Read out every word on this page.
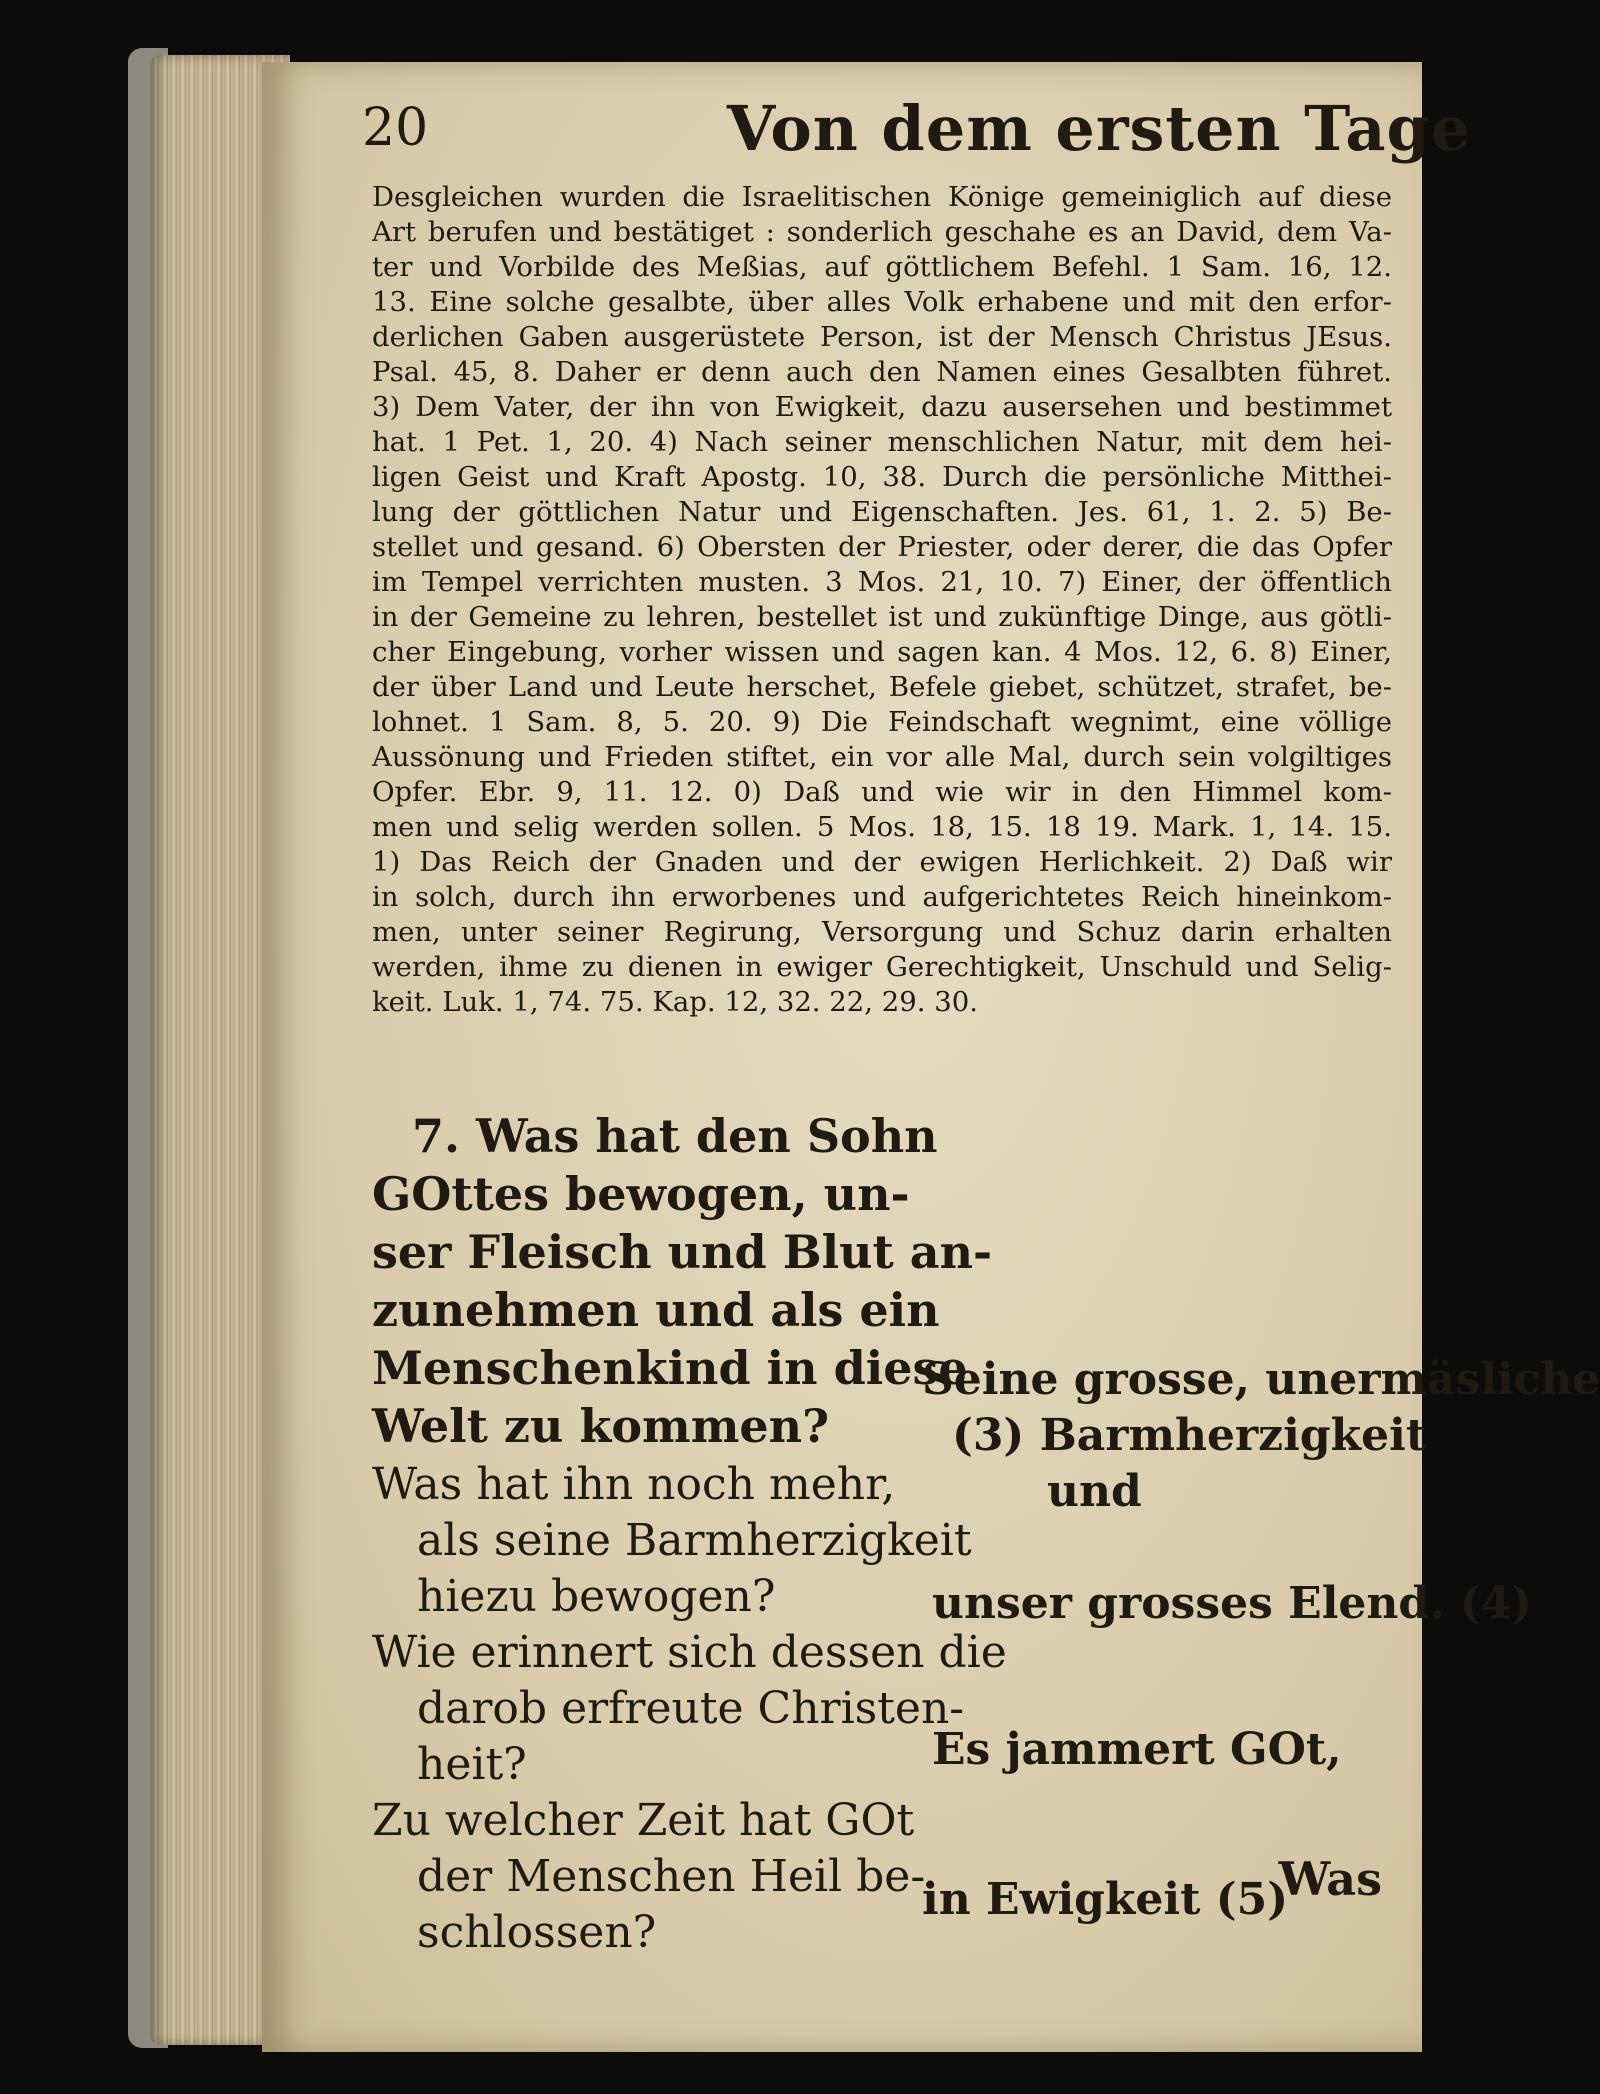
20	Von dem ersten Tage
Desgleichen wurden die Israelitischen Könige gemeiniglich auf diese
Art berufen und bestätiget : sonderlich geschahe es an David, dem Va-
ter und Vorbilde des Meßias, auf göttlichem Befehl. 1 Sam. 16, 12.
13. Eine solche gesalbte, über alles Volk erhabene und mit den erfor-
derlichen Gaben ausgerüstete Person, ist der Mensch Christus JEsus.
Psal. 45, 8. Daher er denn auch den Namen eines Gesalbten führet.
3) Dem Vater, der ihn von Ewigkeit, dazu ausersehen und bestimmet
hat. 1 Pet. 1, 20. 4) Nach seiner menschlichen Natur, mit dem hei-
ligen Geist und Kraft Apostg. 10, 38. Durch die persönliche Mitthei-
lung der göttlichen Natur und Eigenschaften. Jes. 61, 1. 2. 5) Be-
stellet und gesand. 6) Obersten der Priester, oder derer, die das Opfer
im Tempel verrichten musten. 3 Mos. 21, 10. 7) Einer, der öffentlich
in der Gemeine zu lehren, bestellet ist und zukünftige Dinge, aus götli-
cher Eingebung, vorher wissen und sagen kan. 4 Mos. 12, 6. 8) Einer,
der über Land und Leute herschet, Befele giebet, schützet, strafet, be-
lohnet. 1 Sam. 8, 5. 20. 9) Die Feindschaft wegnimt, eine völlige
Aussönung und Frieden stiftet, ein vor alle Mal, durch sein volgiltiges
Opfer. Ebr. 9, 11. 12. 0) Daß und wie wir in den Himmel kom-
men und selig werden sollen. 5 Mos. 18, 15. 18 19. Mark. 1, 14. 15.
1) Das Reich der Gnaden und der ewigen Herlichkeit. 2) Daß wir
in solch, durch ihn erworbenes und aufgerichtetes Reich hineinkom-
men, unter seiner Regirung, Versorgung und Schuz darin erhalten
werden, ihme zu dienen in ewiger Gerechtigkeit, Unschuld und Selig-
keit. Luk. 1, 74. 75. Kap. 12, 32. 22, 29. 30.
7. Was hat den Sohn
GOttes bewogen, un-
ser Fleisch und Blut an-
zunehmen und als ein
Menschenkind in diese
Welt zu kommen?
Was hat ihn noch mehr,
als seine Barmherzigkeit
hiezu bewogen?
Wie erinnert sich dessen die
darob erfreute Christen-
heit?
Zu welcher Zeit hat GOt
der Menschen Heil be-
schlossen?
Seine grosse, unermäsliche
(3) Barmherzigkeit
und
unser grosses Elend. (4)
Es jammert GOt,
in Ewigkeit (5)
Was
